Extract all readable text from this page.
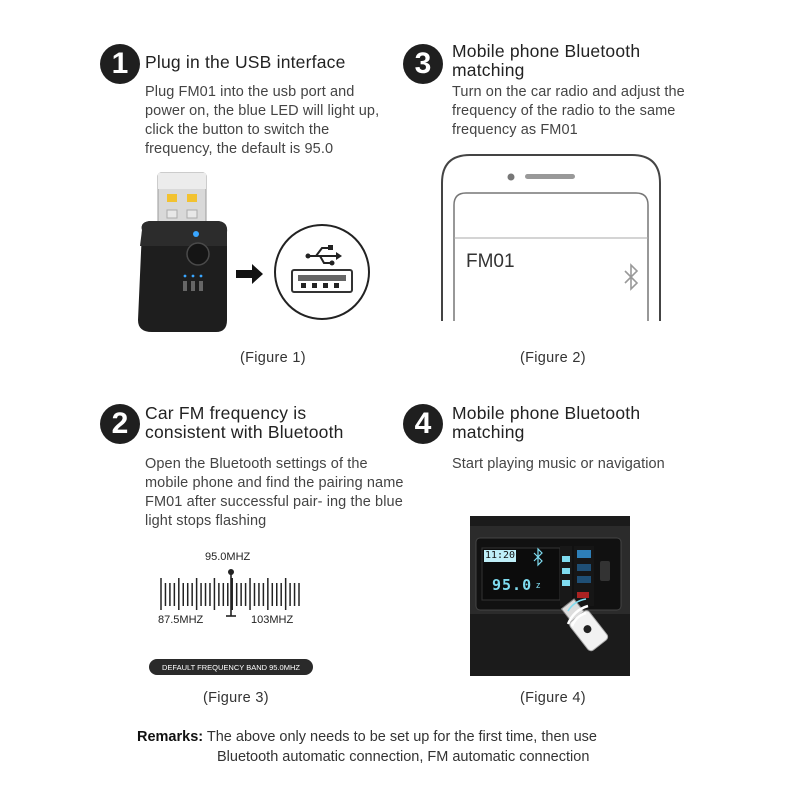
1 Plug in the USB interface
Plug FM01 into the usb port and power on, the blue LED will light up, click the button to switch the frequency, the default is 95.0
(Figure 1)
3 Mobile phone Bluetooth
matching
Turn on the car radio and adjust the frequency of the radio to the same frequency as FM01
FM01
(Figure 2)
2 Car FM frequency is
consistent with Bluetooth
Open the Bluetooth settings of the mobile phone and find the pairing name FM01 after successful pair- ing the blue light stops flashing
95.0MHZ
87.5MHZ	103MHZ
DEFAULT FREQUENCY BAND 95.0MHZ
(Figure 3)
4 Mobile phone Bluetooth
matching
Start playing music or navigation
11:20
95.0 z
(Figure 4)
Remarks: The above only needs to be set up for the first time, then use
Bluetooth automatic connection, FM automatic connection
